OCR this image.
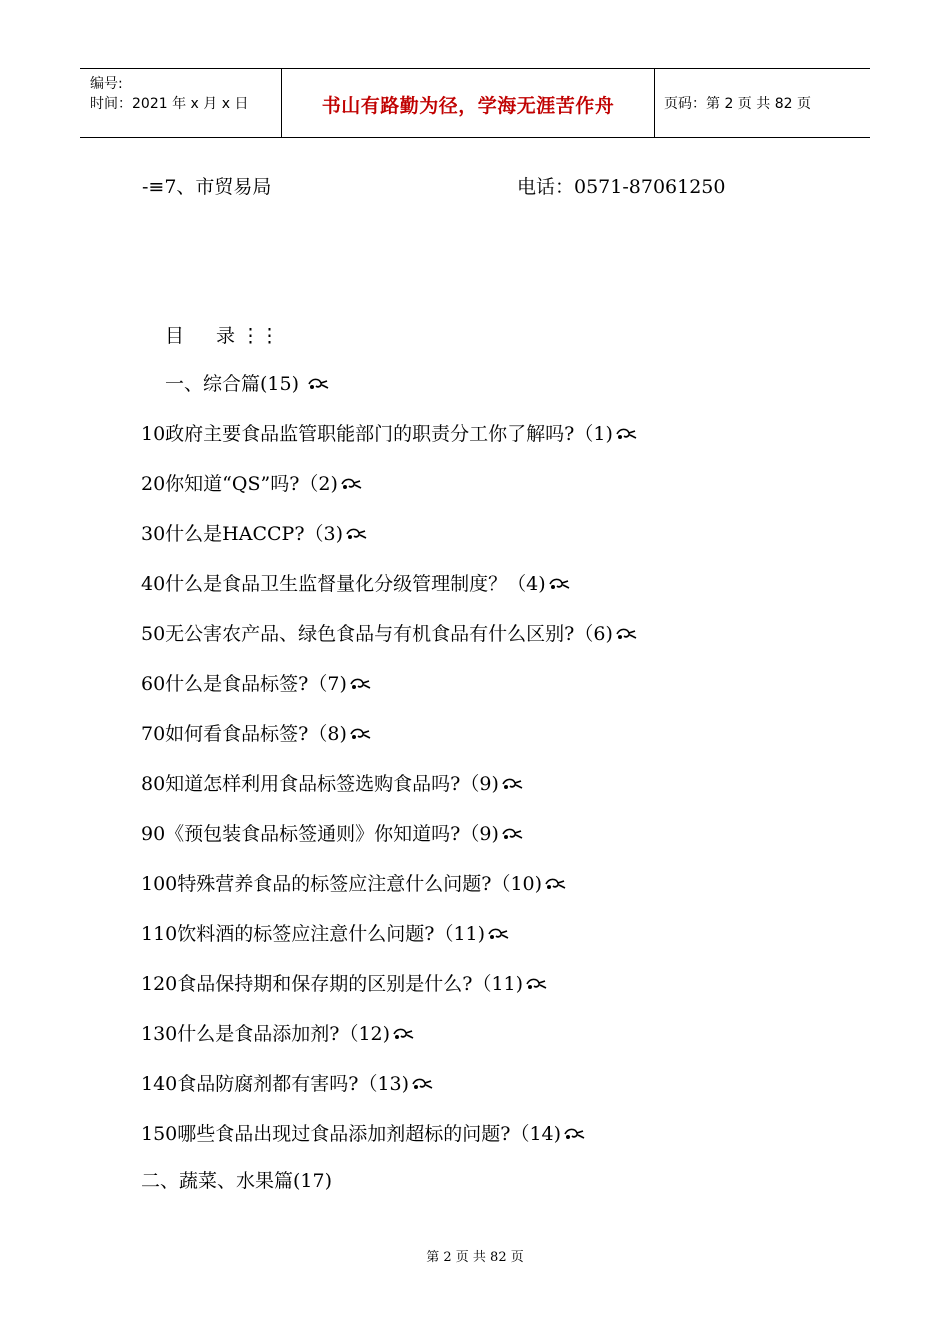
编号:
时间：2021 年 x 月 x 日	书山有路勤为径，学海无涯苦作舟	页码：第 2 页 共 82 页
-≡7、市贸易局	电话：0571-87061250
目 录 ⋮⋮
一、综合篇(15)
10政府主要食品监管职能部门的职责分工你了解吗?（1)
20你知道“QS”吗?（2)
30什么是HACCP?（3)
40什么是食品卫生监督量化分级管理制度？（4)
50无公害农产品、绿色食品与有机食品有什么区别?（6)
60什么是食品标签?（7)
70如何看食品标签?（8)
80知道怎样利用食品标签选购食品吗?（9)
90《预包装食品标签通则》你知道吗?（9)
100特殊营养食品的标签应注意什么问题?（10)
110饮料酒的标签应注意什么问题?（11)
120食品保持期和保存期的区别是什么?（11)
130什么是食品添加剂?（12)
140食品防腐剂都有害吗?（13)
150哪些食品出现过食品添加剂超标的问题?（14)
二、蔬菜、水果篇(17)
第 2 页 共 82 页
